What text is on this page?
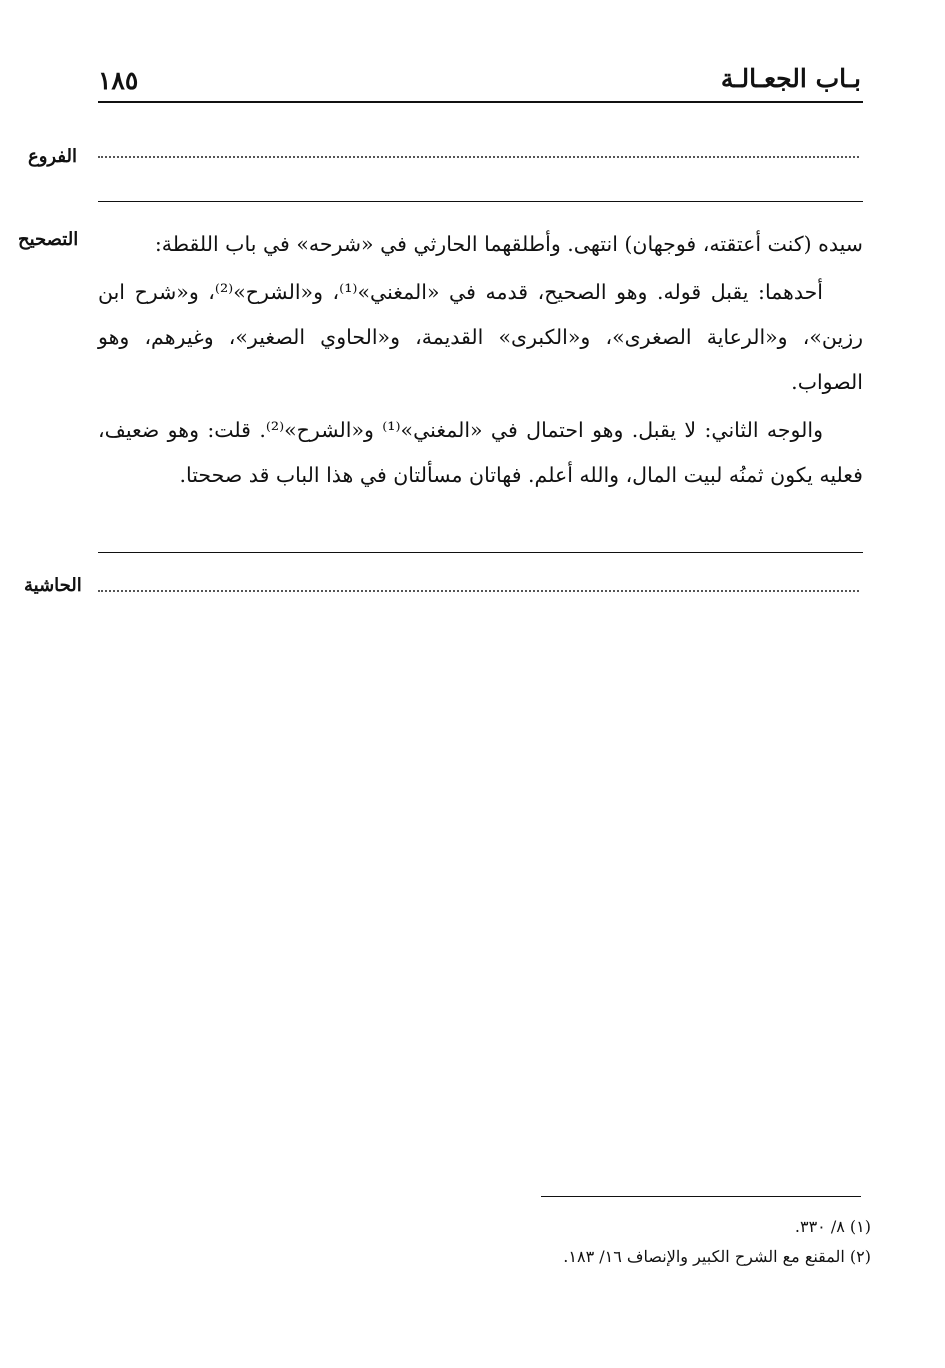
١٨٥	بـاب الجعـالـة
الفروع
التصحيح	سيده (كنت أعتقته، فوجهان) انتهى. وأطلقهما الحارثي في «شرحه» في باب اللقطة:

أحدهما: يقبل قوله. وهو الصحيح، قدمه في «المغني»⁽¹⁾، و«الشرح»⁽²⁾، و«شرح ابن رزين»، و«الرعاية الصغرى»، و«الكبرى» القديمة، و«الحاوي الصغير»، وغيرهم، وهو الصواب.

والوجه الثاني: لا يقبل. وهو احتمال في «المغني»⁽¹⁾ و«الشرح»⁽²⁾. قلت: وهو ضعيف، فعليه يكون ثمنُه لبيت المال، والله أعلم. فهاتان مسألتان في هذا الباب قد صححتا.

الحاشية
(١) ٨/ ٣٣٠.
(٢) المقنع مع الشرح الكبير والإنصاف ١٦/ ١٨٣.
